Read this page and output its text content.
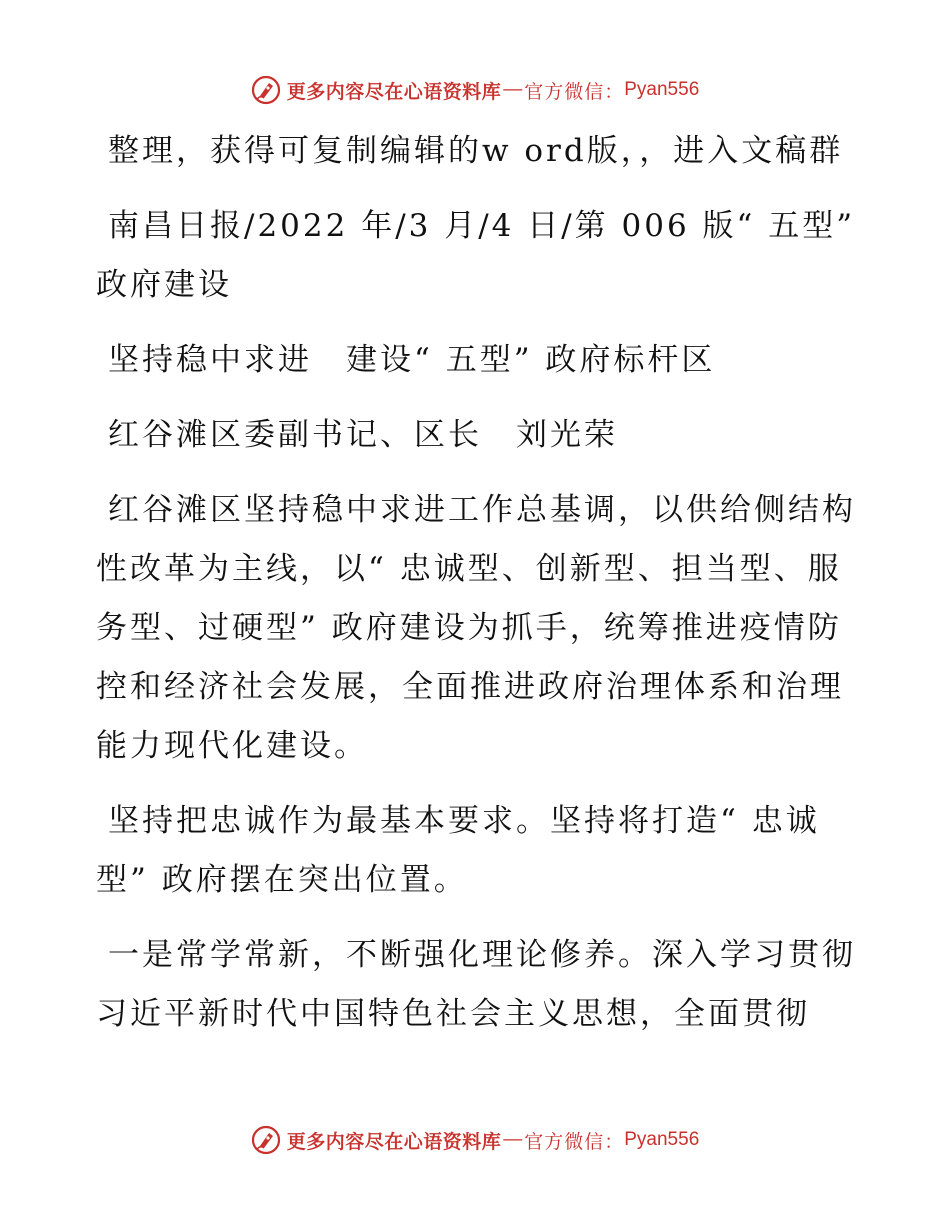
更多内容尽在心语资料库 — 官方微信： Pyan556

整理，获得可复制编辑的w ord版，，进入文稿群

南昌日报/2022 年/3 月/4 日/第 006 版“ 五型” 政府建设

坚持稳中求进　建设“ 五型” 政府标杆区

红谷滩区委副书记、区长　刘光荣

红谷滩区坚持稳中求进工作总基调，以供给侧结构性改革为主线，以“ 忠诚型、创新型、担当型、服务型、过硬型” 政府建设为抓手，统筹推进疫情防控和经济社会发展，全面推进政府治理体系和治理能力现代化建设。

坚持把忠诚作为最基本要求。坚持将打造“ 忠诚型” 政府摆在突出位置。

一是常学常新，不断强化理论修养。深入学习贯彻习近平新时代中国特色社会主义思想，全面贯彻

更多内容尽在心语资料库 — 官方微信： Pyan556
